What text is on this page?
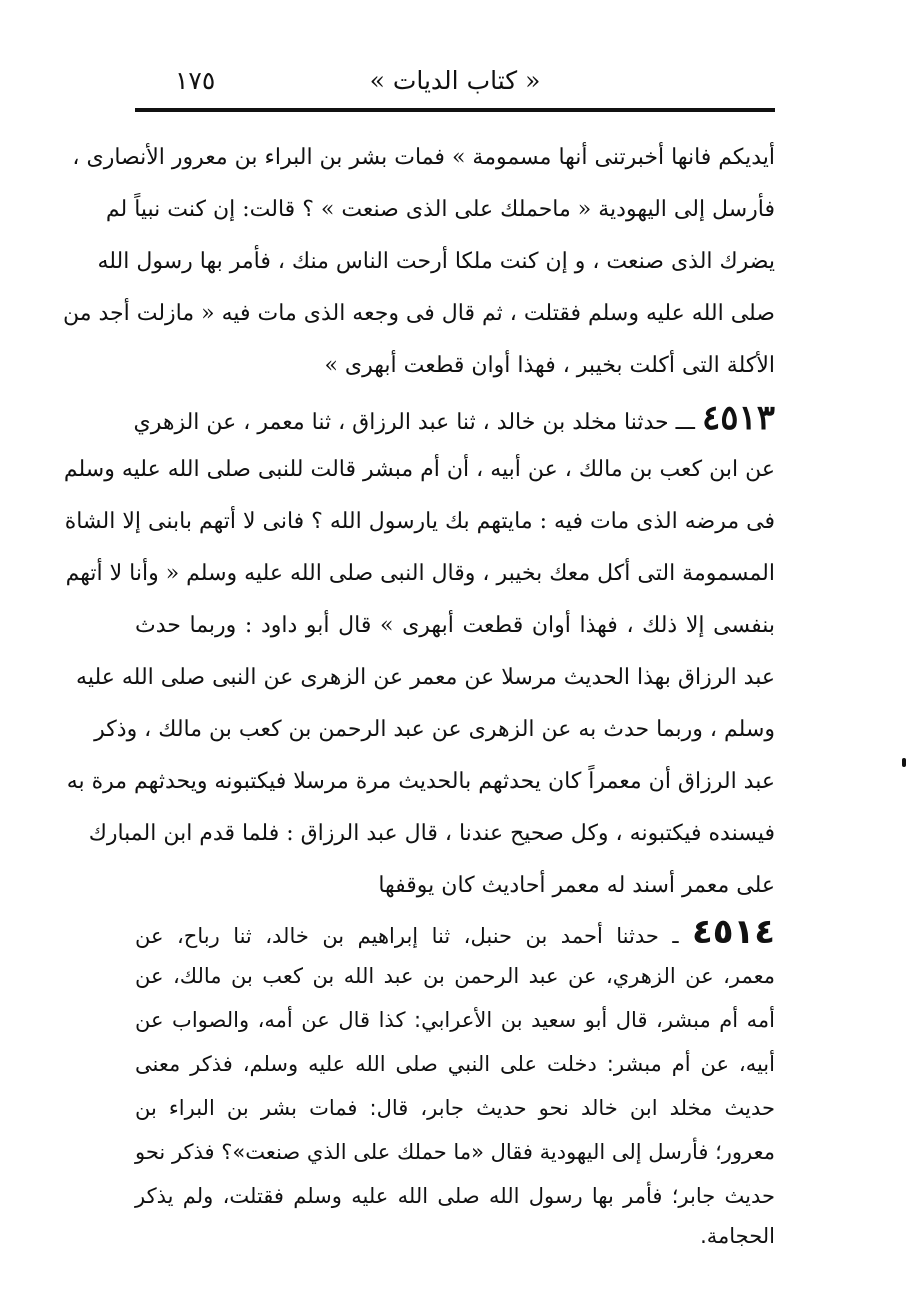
١٧٥	« كتاب الديات »
أيديكم فانها أخبرتنى أنها مسمومة » فمات بشر بن البراء بن معرور الأنصارى ،
فأرسل إلى اليهودية « ماحملك على الذى صنعت » ؟ قالت: إن كنت نبياً لم
يضرك الذى صنعت ، و إن كنت ملكا أرحت الناس منك ، فأمر بها رسول الله
صلى الله عليه وسلم فقتلت ، ثم قال فى وجعه الذى مات فيه « مازلت أجد من
الأكلة التى أكلت بخيبر ، فهذا أوان قطعت أبهرى »
٤٥١٣ ـــ حدثنا مخلد بن خالد ، ثنا عبد الرزاق ، ثنا معمر ، عن الزهري
عن ابن كعب بن مالك ، عن أبيه ، أن أم مبشر قالت للنبى صلى الله عليه وسلم
فى مرضه الذى مات فيه : مايتهم بك يارسول الله ؟ فانى لا أتهم بابنى إلا الشاة
المسمومة التى أكل معك بخيبر ، وقال النبى صلى الله عليه وسلم « وأنا لا أتهم
بنفسى إلا ذلك ، فهذا أوان قطعت أبهرى » قال أبو داود : وربما حدث
عبد الرزاق بهذا الحديث مرسلا عن معمر عن الزهرى عن النبى صلى الله عليه
وسلم ، وربما حدث به عن الزهرى عن عبد الرحمن بن كعب بن مالك ، وذكر
عبد الرزاق أن معمراً كان يحدثهم بالحديث مرة مرسلا فيكتبونه ويحدثهم مرة به
فيسنده فيكتبونه ، وكل صحيح عندنا ، قال عبد الرزاق : فلما قدم ابن المبارك
على معمر أسند له معمر أحاديث كان يوقفها
٤٥١٤ ـ حدثنا أحمد بن حنبل، ثنا إبراهيم بن خالد، ثنا رباح، عن
معمر، عن الزهري، عن عبد الرحمن بن عبد الله بن كعب بن مالك، عن
أمه أم مبشر، قال أبو سعيد بن الأعرابي: كذا قال عن أمه، والصواب عن
أبيه، عن أم مبشر: دخلت على النبي صلى الله عليه وسلم، فذكر معنى
حديث مخلد ابن خالد نحو حديث جابر، قال: فمات بشر بن البراء بن
معرور؛ فأرسل إلى اليهودية فقال «ما حملك على الذي صنعت»؟ فذكر نحو
حديث جابر؛ فأمر بها رسول الله صلى الله عليه وسلم فقتلت، ولم يذكر
الحجامة.
